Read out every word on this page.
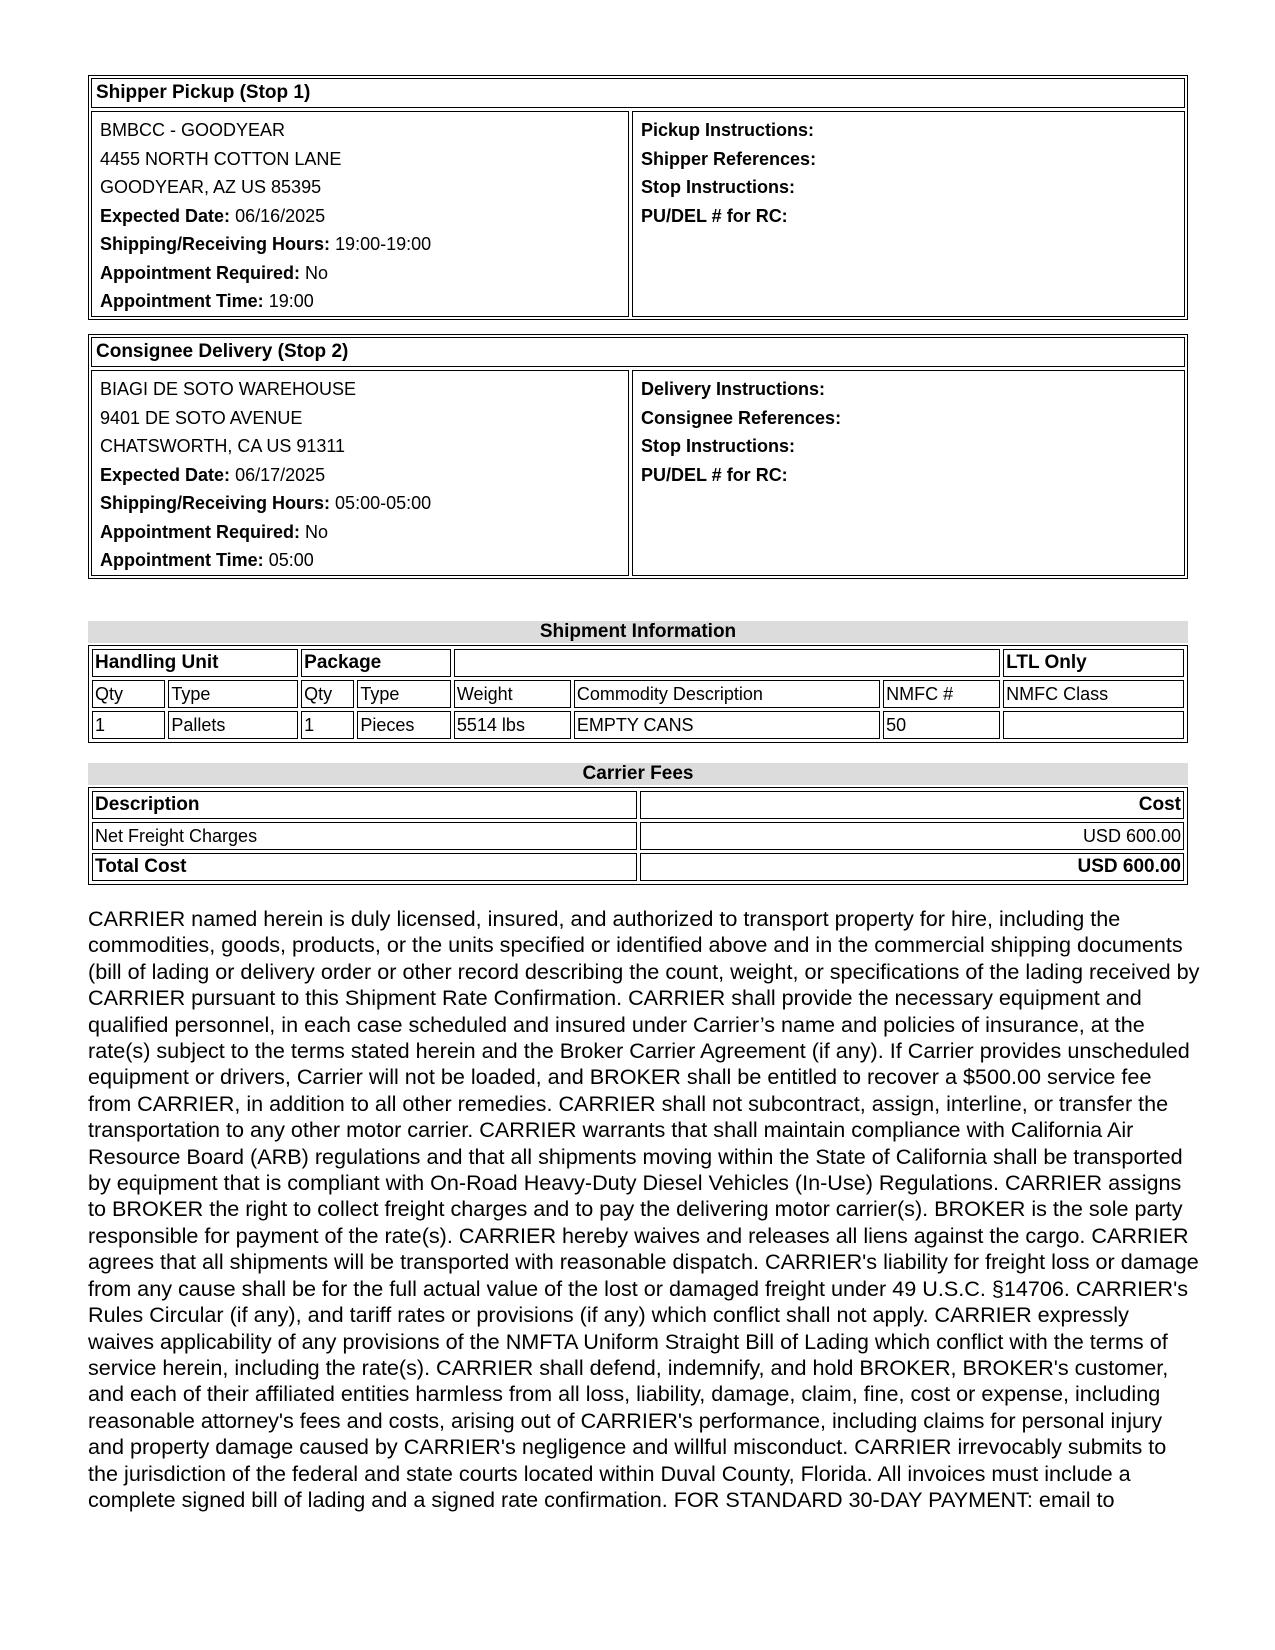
Shipper Pickup (Stop 1)
BMBCC - GOODYEAR
4455 NORTH COTTON LANE
GOODYEAR, AZ US 85395
Expected Date: 06/16/2025
Shipping/Receiving Hours: 19:00-19:00
Appointment Required: No
Appointment Time: 19:00
Pickup Instructions:
Shipper References:
Stop Instructions:
PU/DEL # for RC:
Consignee Delivery (Stop 2)
BIAGI DE SOTO WAREHOUSE
9401 DE SOTO AVENUE
CHATSWORTH, CA US 91311
Expected Date: 06/17/2025
Shipping/Receiving Hours: 05:00-05:00
Appointment Required: No
Appointment Time: 05:00
Delivery Instructions:
Consignee References:
Stop Instructions:
PU/DEL # for RC:
Shipment Information
Handling Unit		Package					LTL Only
Qty	Type	Qty	Type	Weight	Commodity Description	NMFC #	NMFC Class
1	Pallets	1	Pieces	5514 lbs	EMPTY CANS	50	
Carrier Fees
Description	Cost
Net Freight Charges	USD 600.00
Total Cost	USD 600.00

CARRIER named herein is duly licensed, insured, and authorized to transport property for hire, including the commodities, goods, products, or the units specified or identified above and in the commercial shipping documents (bill of lading or delivery order or other record describing the count, weight, or specifications of the lading received by CARRIER pursuant to this Shipment Rate Confirmation. CARRIER shall provide the necessary equipment and qualified personnel, in each case scheduled and insured under Carrier’s name and policies of insurance, at the rate(s) subject to the terms stated herein and the Broker Carrier Agreement (if any). If Carrier provides unscheduled equipment or drivers, Carrier will not be loaded, and BROKER shall be entitled to recover a $500.00 service fee from CARRIER, in addition to all other remedies. CARRIER shall not subcontract, assign, interline, or transfer the transportation to any other motor carrier. CARRIER warrants that shall maintain compliance with California Air Resource Board (ARB) regulations and that all shipments moving within the State of California shall be transported by equipment that is compliant with On-Road Heavy-Duty Diesel Vehicles (In-Use) Regulations. CARRIER assigns to BROKER the right to collect freight charges and to pay the delivering motor carrier(s). BROKER is the sole party responsible for payment of the rate(s). CARRIER hereby waives and releases all liens against the cargo. CARRIER agrees that all shipments will be transported with reasonable dispatch. CARRIER's liability for freight loss or damage from any cause shall be for the full actual value of the lost or damaged freight under 49 U.S.C. §14706. CARRIER's Rules Circular (if any), and tariff rates or provisions (if any) which conflict shall not apply. CARRIER expressly waives applicability of any provisions of the NMFTA Uniform Straight Bill of Lading which conflict with the terms of service herein, including the rate(s). CARRIER shall defend, indemnify, and hold BROKER, BROKER's customer, and each of their affiliated entities harmless from all loss, liability, damage, claim, fine, cost or expense, including reasonable attorney's fees and costs, arising out of CARRIER's performance, including claims for personal injury and property damage caused by CARRIER's negligence and willful misconduct. CARRIER irrevocably submits to the jurisdiction of the federal and state courts located within Duval County, Florida. All invoices must include a complete signed bill of lading and a signed rate confirmation. FOR STANDARD 30-DAY PAYMENT: email to
